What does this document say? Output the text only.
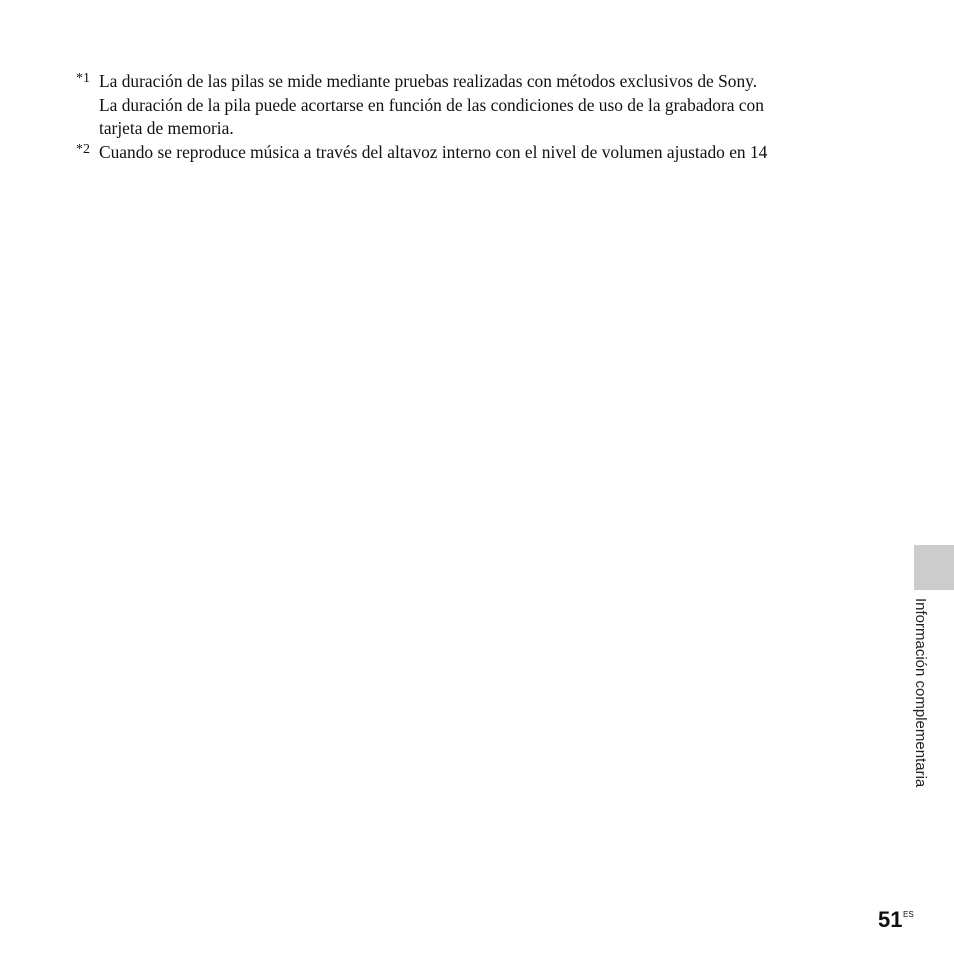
*1 La duración de las pilas se mide mediante pruebas realizadas con métodos exclusivos de Sony.
La duración de la pila puede acortarse en función de las condiciones de uso de la grabadora con
tarjeta de memoria.
*2 Cuando se reproduce música a través del altavoz interno con el nivel de volumen ajustado en 14
Información complementaria
51 ES
